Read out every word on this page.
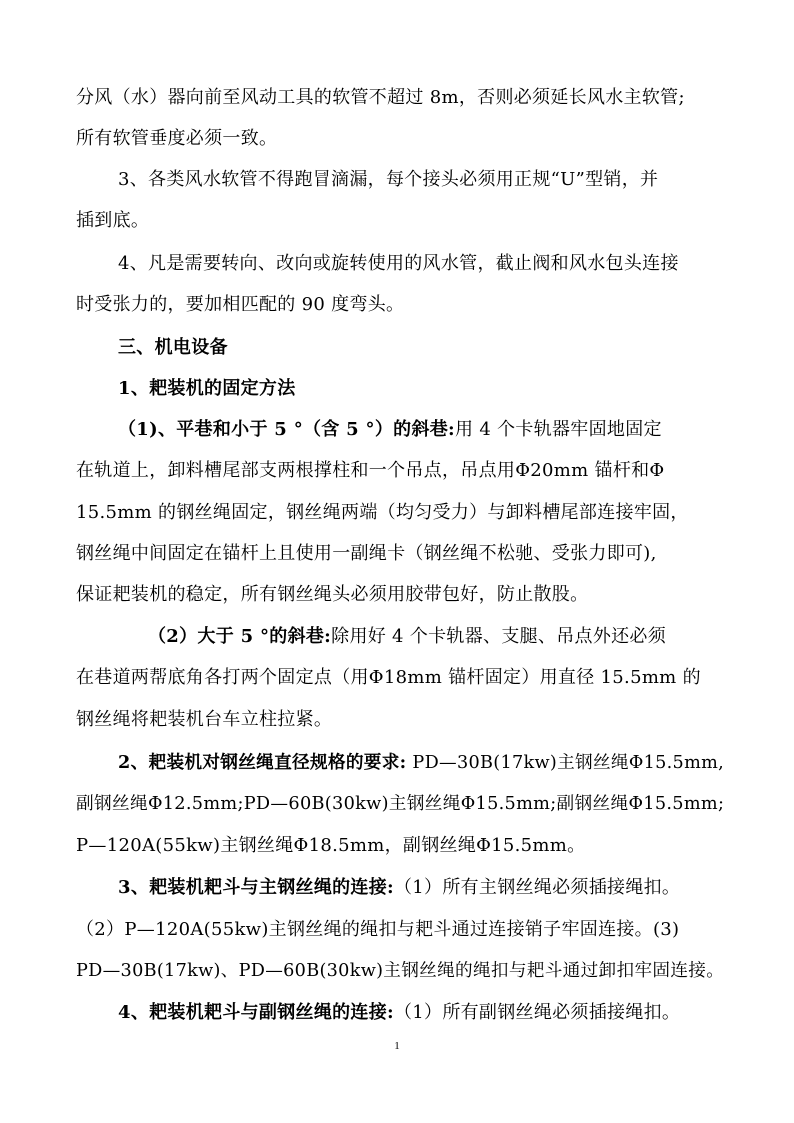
分风（水）器向前至风动工具的软管不超过 8m，否则必须延长风水主软管;
所有软管垂度必须一致。
3、各类风水软管不得跑冒滴漏，每个接头必须用正规“U”型销，并
插到底。
4、凡是需要转向、改向或旋转使用的风水管，截止阀和风水包头连接
时受张力的，要加相匹配的 90 度弯头。
三、机电设备
1、耙装机的固定方法
（1)、平巷和小于 5 °（含 5 °）的斜巷:用 4 个卡轨器牢固地固定
在轨道上，卸料槽尾部支两根撑柱和一个吊点，吊点用Φ20mm 锚杆和Φ
15.5mm 的钢丝绳固定，钢丝绳两端（均匀受力）与卸料槽尾部连接牢固，
钢丝绳中间固定在锚杆上且使用一副绳卡（钢丝绳不松驰、受张力即可),
保证耙装机的稳定，所有钢丝绳头必须用胶带包好，防止散股。
（2）大于 5 °的斜巷:除用好 4 个卡轨器、支腿、吊点外还必须
在巷道两帮底角各打两个固定点（用Φ18mm 锚杆固定）用直径 15.5mm 的
钢丝绳将耙装机台车立柱拉紧。
2、耙装机对钢丝绳直径规格的要求: PD—30B(17kw)主钢丝绳Φ15.5mm,
副钢丝绳Φ12.5mm;PD—60B(30kw)主钢丝绳Φ15.5mm;副钢丝绳Φ15.5mm;
P—120A(55kw)主钢丝绳Φ18.5mm，副钢丝绳Φ15.5mm。
3、耙装机耙斗与主钢丝绳的连接:（1）所有主钢丝绳必须插接绳扣。
（2）P—120A(55kw)主钢丝绳的绳扣与耙斗通过连接销子牢固连接。(3)
PD—30B(17kw)、PD—60B(30kw)主钢丝绳的绳扣与耙斗通过卸扣牢固连接。
4、耙装机耙斗与副钢丝绳的连接:（1）所有副钢丝绳必须插接绳扣。
1
